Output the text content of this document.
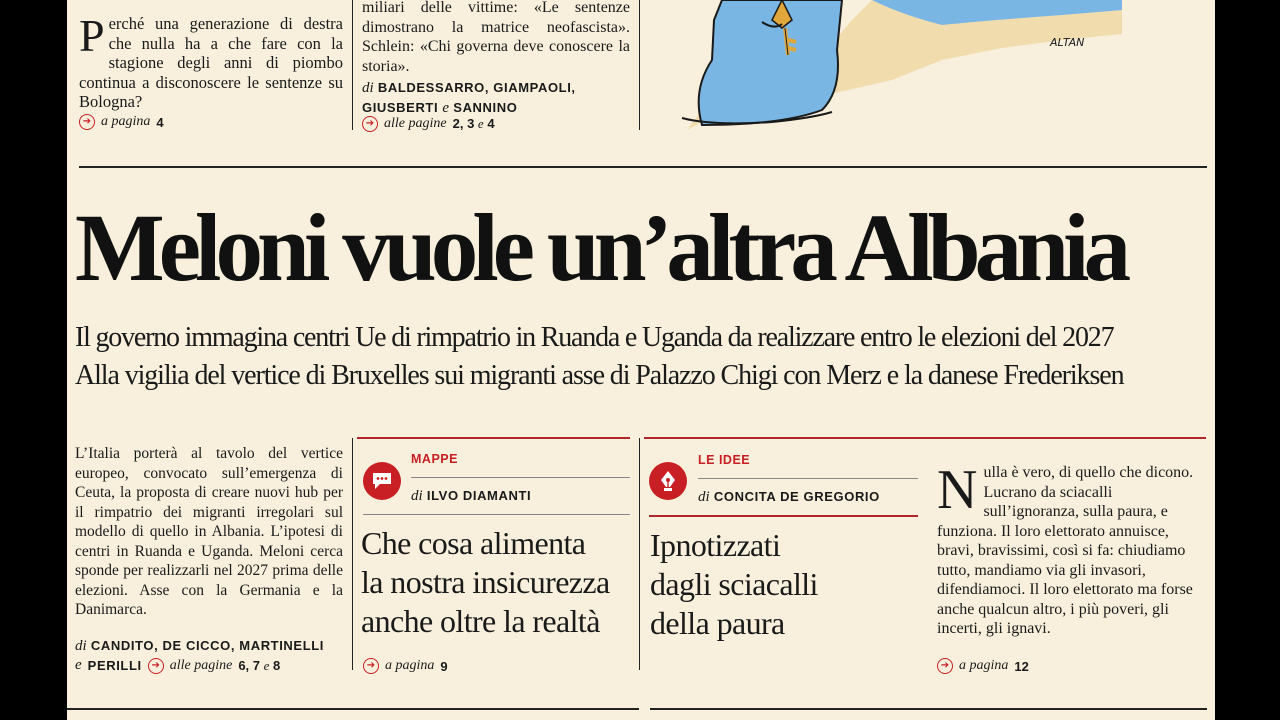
P erché una generazione di destra che nulla ha a che fare con la stagione degli anni di piombo continua a disconoscere le sentenze su Bologna?
➔ a pagina 4
miliari delle vittime: «Le sentenze dimostrano la matrice neofascista». Schlein: «Chi governa deve conoscere la storia».
di BALDESSARRO, GIAMPAOLI, GIUSBERTI e SANNINO
➔ alle pagine 2, 3 e 4
ALTAN
Meloni vuole un’altra Albania
Il governo immagina centri Ue di rimpatrio in Ruanda e Uganda da realizzare entro le elezioni del 2027
Alla vigilia del vertice di Bruxelles sui migranti asse di Palazzo Chigi con Merz e la danese Frederiksen
L’Italia porterà al tavolo del vertice europeo, convocato sull’emergenza di Ceuta, la proposta di creare nuovi hub per il rimpatrio dei migranti irregolari sul modello di quello in Albania. L’ipotesi di centri in Ruanda e Uganda. Meloni cerca sponde per realizzarli nel 2027 prima delle elezioni. Asse con la Germania e la Danimarca.
di CANDITO, DE CICCO, MARTINELLI
e PERILLI ➔ alle pagine 6, 7 e 8
MAPPE
di ILVO DIAMANTI
Che cosa alimenta
la nostra insicurezza
anche oltre la realtà
➔ a pagina 9
LE IDEE
di CONCITA DE GREGORIO
Ipnotizzati
dagli sciacalli
della paura
N ulla è vero, di quello che dicono. Lucrano da sciacalli sull’ignoranza, sulla paura, e funziona. Il loro elettorato annuisce, bravi, bravissimi, così si fa: chiudiamo tutto, mandiamo via gli invasori, difendiamoci. Il loro elettorato ma forse anche qualcun altro, i più poveri, gli incerti, gli ignavi.
➔ a pagina 12
